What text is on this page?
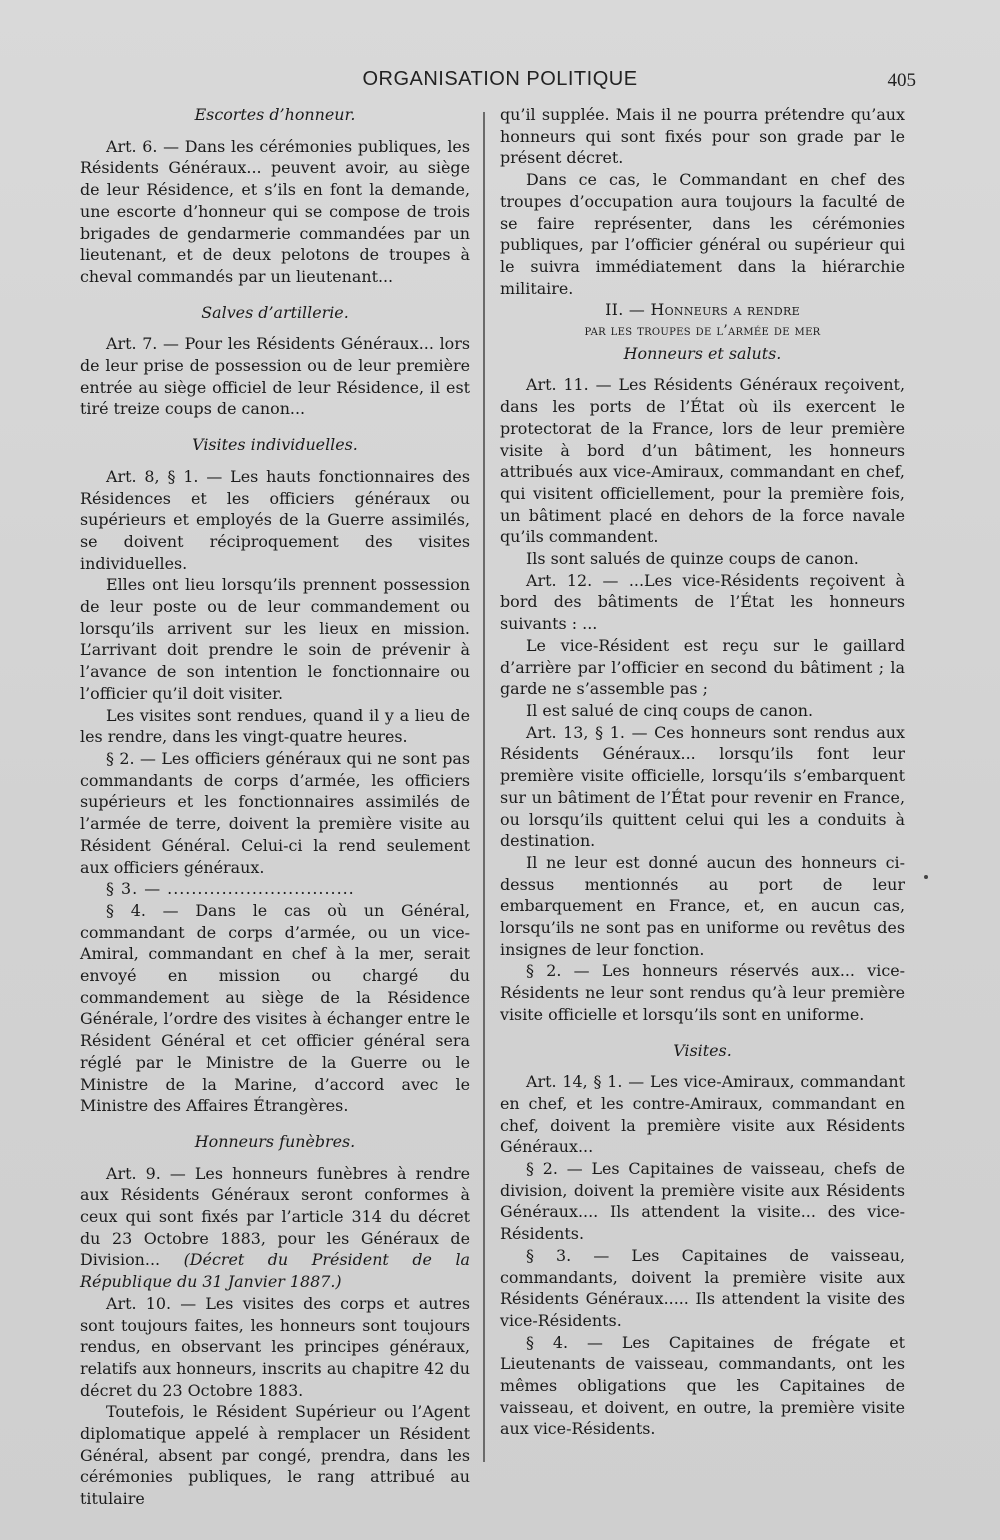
ORGANISATION POLITIQUE	405

Escortes d’honneur.

Art. 6. — Dans les cérémonies publiques, les Résidents Généraux... peuvent avoir, au siège de leur Résidence, et s’ils en font la demande, une escorte d’honneur qui se compose de trois brigades de gendarmerie commandées par un lieutenant, et de deux pelotons de troupes à cheval commandés par un lieutenant...

Salves d’artillerie.

Art. 7. — Pour les Résidents Généraux... lors de leur prise de possession ou de leur première entrée au siège officiel de leur Résidence, il est tiré treize coups de canon...

Visites individuelles.

Art. 8, § 1. — Les hauts fonctionnaires des Résidences et les officiers généraux ou supérieurs et employés de la Guerre assimilés, se doivent réciproquement des visites individuelles.

Elles ont lieu lorsqu’ils prennent possession de leur poste ou de leur commandement ou lorsqu’ils arrivent sur les lieux en mission. L’arrivant doit prendre le soin de prévenir à l’avance de son intention le fonctionnaire ou l’officier qu’il doit visiter.

Les visites sont rendues, quand il y a lieu de les rendre, dans les vingt-quatre heures.

§ 2. — Les officiers généraux qui ne sont pas commandants de corps d’armée, les officiers supérieurs et les fonctionnaires assimilés de l’armée de terre, doivent la première visite au Résident Général. Celui-ci la rend seulement aux officiers généraux.

§ 3. — ...............................

§ 4. — Dans le cas où un Général, commandant de corps d’armée, ou un vice-Amiral, commandant en chef à la mer, serait envoyé en mission ou chargé du commandement au siège de la Résidence Générale, l’ordre des visites à échanger entre le Résident Général et cet officier général sera réglé par le Ministre de la Guerre ou le Ministre de la Marine, d’accord avec le Ministre des Affaires Étrangères.

Honneurs funèbres.

Art. 9. — Les honneurs funèbres à rendre aux Résidents Généraux seront conformes à ceux qui sont fixés par l’article 314 du décret du 23 Octobre 1883, pour les Généraux de Division... (Décret du Président de la République du 31 Janvier 1887.)

Art. 10. — Les visites des corps et autres sont toujours faites, les honneurs sont toujours rendus, en observant les principes généraux, relatifs aux honneurs, inscrits au chapitre 42 du décret du 23 Octobre 1883.

Toutefois, le Résident Supérieur ou l’Agent diplomatique appelé à remplacer un Résident Général, absent par congé, prendra, dans les cérémonies publiques, le rang attribué au titulaire

qu’il supplée. Mais il ne pourra prétendre qu’aux honneurs qui sont fixés pour son grade par le présent décret.

Dans ce cas, le Commandant en chef des troupes d’occupation aura toujours la faculté de se faire représenter, dans les cérémonies publiques, par l’officier général ou supérieur qui le suivra immédiatement dans la hiérarchie militaire.

II. — Honneurs a rendre

par les troupes de l’armée de mer

Honneurs et saluts.

Art. 11. — Les Résidents Généraux reçoivent, dans les ports de l’État où ils exercent le protectorat de la France, lors de leur première visite à bord d’un bâtiment, les honneurs attribués aux vice-Amiraux, commandant en chef, qui visitent officiellement, pour la première fois, un bâtiment placé en dehors de la force navale qu’ils commandent.

Ils sont salués de quinze coups de canon.

Art. 12. — ...Les vice-Résidents reçoivent à bord des bâtiments de l’État les honneurs suivants : ...

Le vice-Résident est reçu sur le gaillard d’arrière par l’officier en second du bâtiment ; la garde ne s’assemble pas ;

Il est salué de cinq coups de canon.

Art. 13, § 1. — Ces honneurs sont rendus aux Résidents Généraux... lorsqu’ils font leur première visite officielle, lorsqu’ils s’embarquent sur un bâtiment de l’État pour revenir en France, ou lorsqu’ils quittent celui qui les a conduits à destination.

Il ne leur est donné aucun des honneurs ci-dessus mentionnés au port de leur embarquement en France, et, en aucun cas, lorsqu’ils ne sont pas en uniforme ou revêtus des insignes de leur fonction.

§ 2. — Les honneurs réservés aux... vice-Résidents ne leur sont rendus qu’à leur première visite officielle et lorsqu’ils sont en uniforme.

Visites.

Art. 14, § 1. — Les vice-Amiraux, commandant en chef, et les contre-Amiraux, commandant en chef, doivent la première visite aux Résidents Généraux...

§ 2. — Les Capitaines de vaisseau, chefs de division, doivent la première visite aux Résidents Généraux.... Ils attendent la visite... des vice-Résidents.

§ 3. — Les Capitaines de vaisseau, commandants, doivent la première visite aux Résidents Généraux..... Ils attendent la visite des vice-Résidents.

§ 4. — Les Capitaines de frégate et Lieutenants de vaisseau, commandants, ont les mêmes obligations que les Capitaines de vaisseau, et doivent, en outre, la première visite aux vice-Résidents.
